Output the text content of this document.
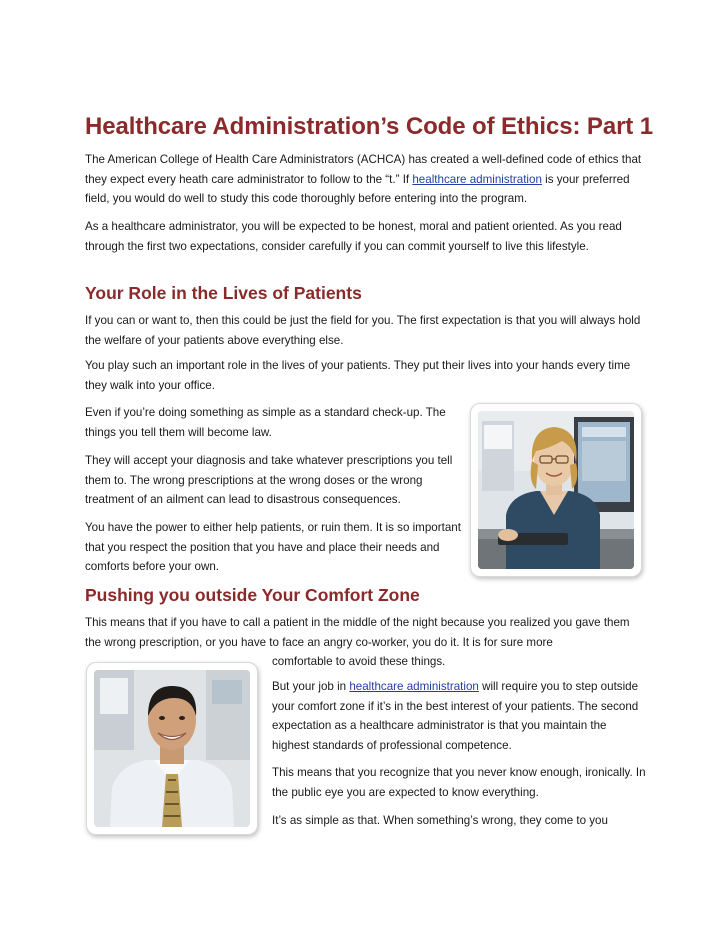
Healthcare Administration’s Code of Ethics: Part 1

The American College of Health Care Administrators (ACHCA) has created a well-defined code of ethics that they expect every heath care administrator to follow to the “t.” If healthcare administration is your preferred field, you would do well to study this code thoroughly before entering into the program.

As a healthcare administrator, you will be expected to be honest, moral and patient oriented. As you read through the first two expectations, consider carefully if you can commit yourself to live this lifestyle.

Your Role in the Lives of Patients

If you can or want to, then this could be just the field for you. The first expectation is that you will always hold the welfare of your patients above everything else.

You play such an important role in the lives of your patients. They put their lives into your hands every time they walk into your office.

Even if you’re doing something as simple as a standard check-up. The things you tell them will become law.

They will accept your diagnosis and take whatever prescriptions you tell them to. The wrong prescriptions at the wrong doses or the wrong treatment of an ailment can lead to disastrous consequences.

You have the power to either help patients, or ruin them. It is so important that you respect the position that you have and place their needs and comforts before your own.

Pushing you outside Your Comfort Zone

This means that if you have to call a patient in the middle of the night because you realized you gave them the wrong prescription, or you have to face an angry co-worker, you do it. It is for sure more

comfortable to avoid these things.

But your job in healthcare administration will require you to step outside your comfort zone if it’s in the best interest of your patients. The second expectation as a healthcare administrator is that you maintain the highest standards of professional competence.

This means that you recognize that you never know enough, ironically. In the public eye you are expected to know everything.

It’s as simple as that. When something’s wrong, they come to you
